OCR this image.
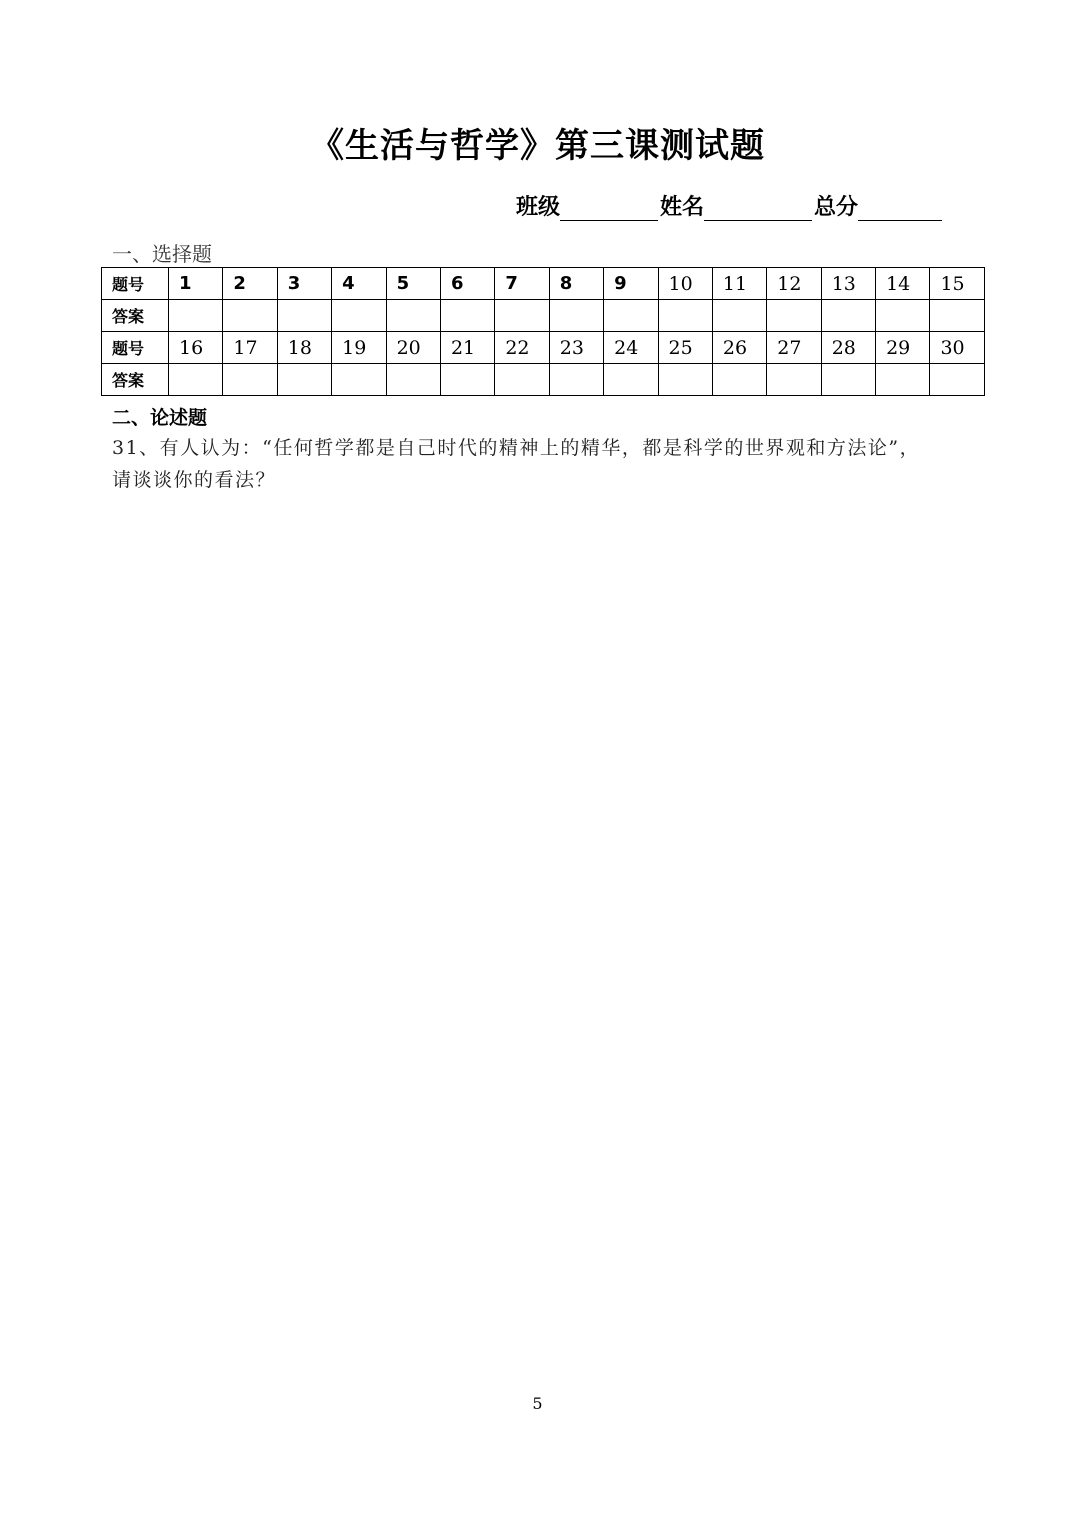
《生活与哲学》第三课测试题
班级	姓名	总分
一、选择题
题号	1	2	3	4	5	6	7	8	9	10	11	12	13	14	15
答案															
题号	16	17	18	19	20	21	22	23	24	25	26	27	28	29	30
答案															
二、论述题
31、有人认为：“任何哲学都是自己时代的精神上的精华，都是科学的世界观和方法论”，请谈谈你的看法？
5
